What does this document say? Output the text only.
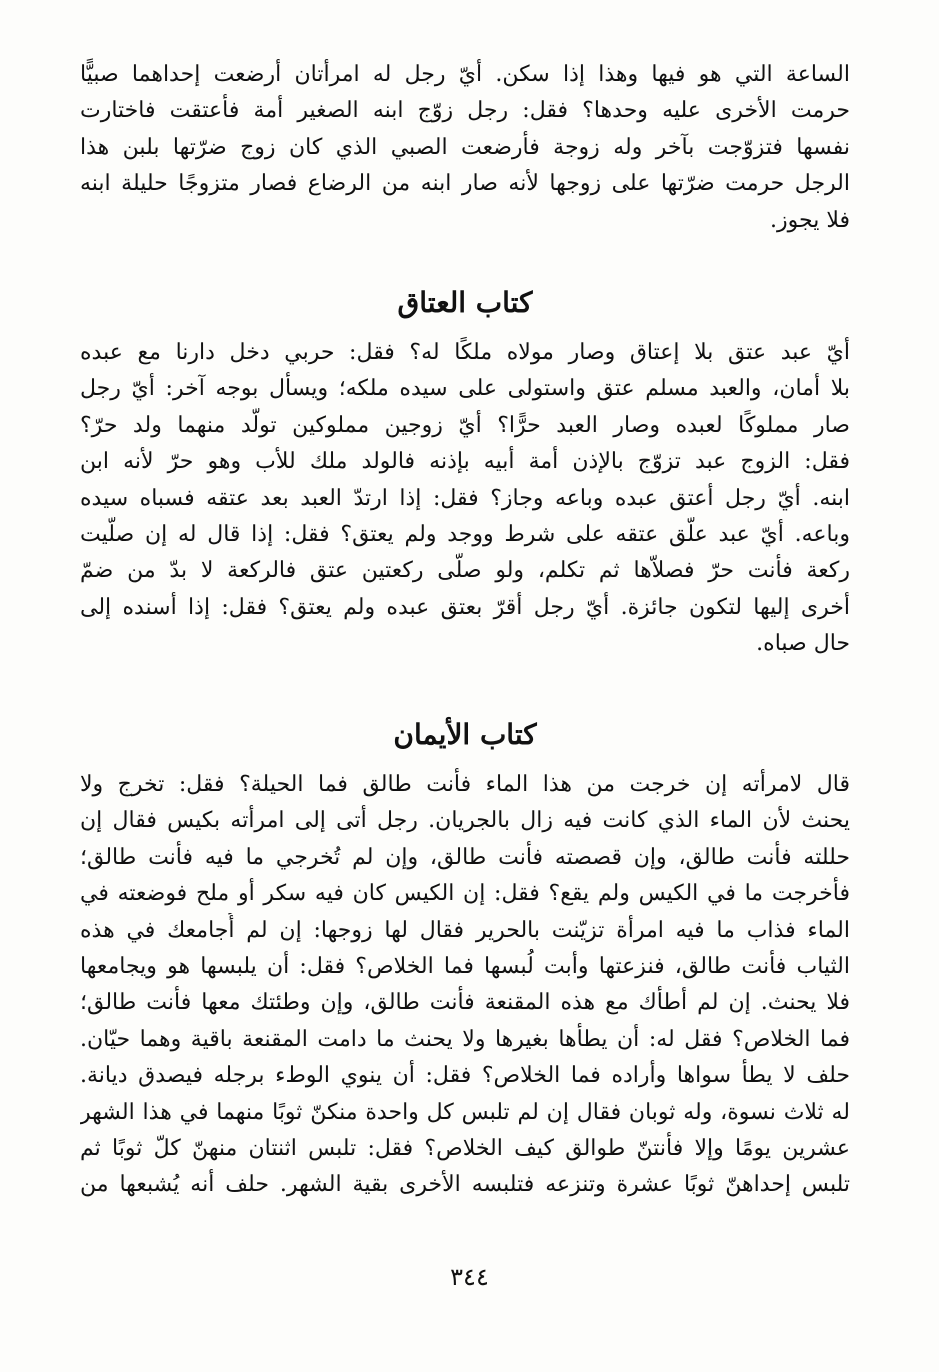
الساعة التي هو فيها وهذا إذا سكن. أيّ رجل له امرأتان أرضعت إحداهما صبيًّا
حرمت الأخرى عليه وحدها؟ فقل: رجل زوّج ابنه الصغير أمة فأعتقت فاختارت
نفسها فتزوّجت بآخر وله زوجة فأرضعت الصبي الذي كان زوج ضرّتها بلبن هذا
الرجل حرمت ضرّتها على زوجها لأنه صار ابنه من الرضاع فصار متزوجًا حليلة ابنه
فلا يجوز.

كتاب العتاق

أيّ عبد عتق بلا إعتاق وصار مولاه ملكًا له؟ فقل: حربي دخل دارنا مع عبده
بلا أمان، والعبد مسلم عتق واستولى على سيده ملكه؛ ويسأل بوجه آخر: أيّ رجل
صار مملوكًا لعبده وصار العبد حرًّا؟ أيّ زوجين مملوكين تولّد منهما ولد حرّ؟
فقل: الزوج عبد تزوّج بالإذن أمة أبيه بإذنه فالولد ملك للأب وهو حرّ لأنه ابن
ابنه. أيّ رجل أعتق عبده وباعه وجاز؟ فقل: إذا ارتدّ العبد بعد عتقه فسباه سيده
وباعه. أيّ عبد علّق عتقه على شرط ووجد ولم يعتق؟ فقل: إذا قال له إن صلّيت
ركعة فأنت حرّ فصلاّها ثم تكلم، ولو صلّى ركعتين عتق فالركعة لا بدّ من ضمّ
أخرى إليها لتكون جائزة. أيّ رجل أقرّ بعتق عبده ولم يعتق؟ فقل: إذا أسنده إلى
حال صباه.

كتاب الأيمان

قال لامرأته إن خرجت من هذا الماء فأنت طالق فما الحيلة؟ فقل: تخرج ولا
يحنث لأن الماء الذي كانت فيه زال بالجريان. رجل أتى إلى امرأته بكيس فقال إن
حللته فأنت طالق، وإن قصصته فأنت طالق، وإن لم تُخرجي ما فيه فأنت طالق؛
فأخرجت ما في الكيس ولم يقع؟ فقل: إن الكيس كان فيه سكر أو ملح فوضعته في
الماء فذاب ما فيه امرأة تزيّنت بالحرير فقال لها زوجها: إن لم أُجامعك في هذه
الثياب فأنت طالق، فنزعتها وأبت لُبسها فما الخلاص؟ فقل: أن يلبسها هو ويجامعها
فلا يحنث. إن لم أطأك مع هذه المقنعة فأنت طالق، وإن وطئتك معها فأنت طالق؛
فما الخلاص؟ فقل له: أن يطأها بغيرها ولا يحنث ما دامت المقنعة باقية وهما حيّان.
حلف لا يطأ سواها وأراده فما الخلاص؟ فقل: أن ينوي الوطء برجله فيصدق ديانة.
له ثلاث نسوة، وله ثوبان فقال إن لم تلبس كل واحدة منكنّ ثوبًا منهما في هذا الشهر
عشرين يومًا وإلا فأنتنّ طوالق كيف الخلاص؟ فقل: تلبس اثنتان منهنّ كلّ ثوبًا ثم
تلبس إحداهنّ ثوبًا عشرة وتنزعه فتلبسه الأخرى بقية الشهر. حلف أنه يُشبعها من

٣٤٤
